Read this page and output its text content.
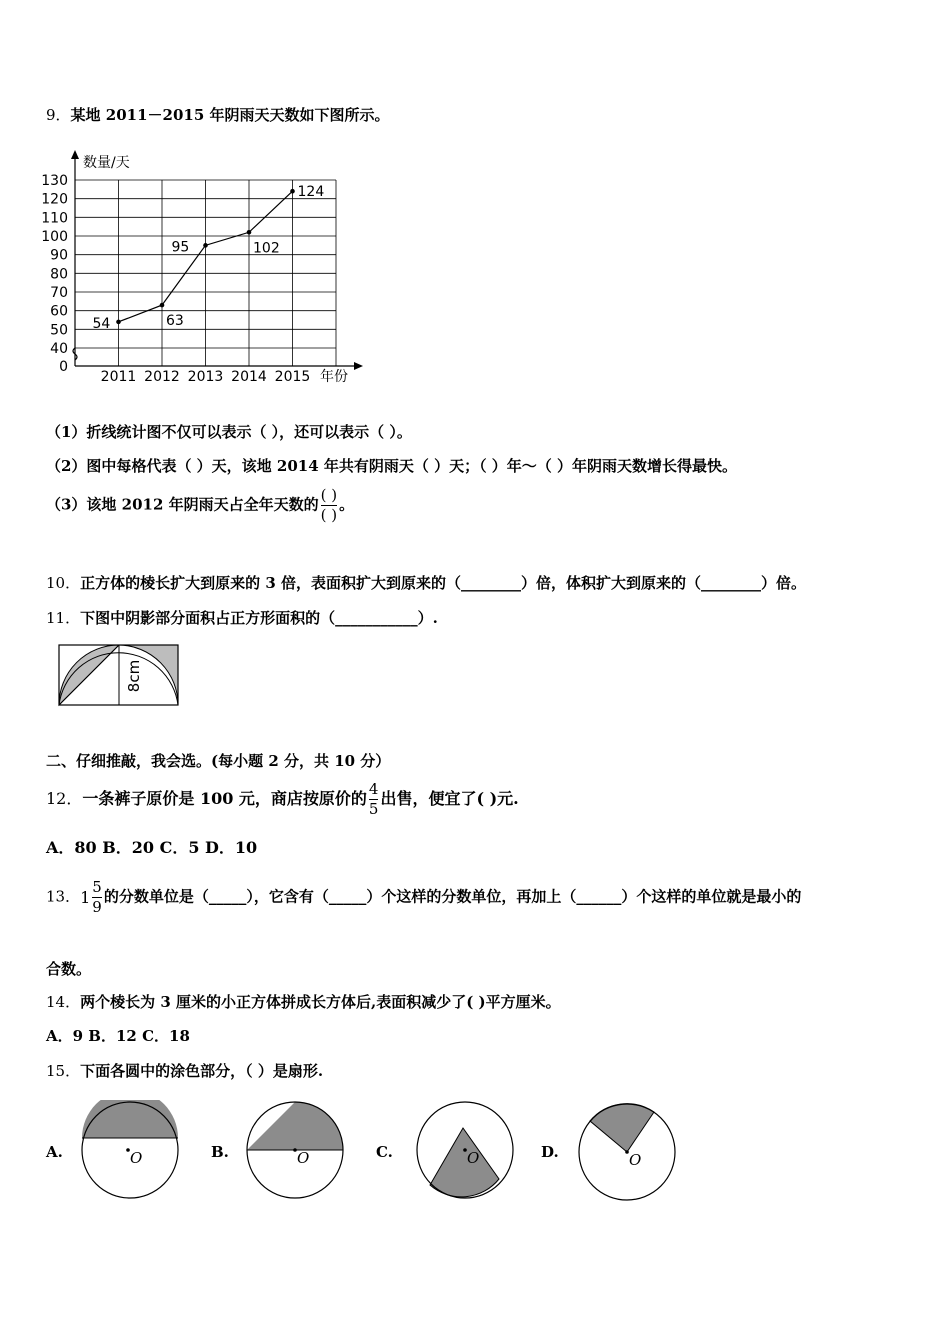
9．某地 2011－2015 年阴雨天天数如下图所示。
0
40
50
60
70
80
90
100
110
120
130
2011 2012 2013 2014 2015
数量/天
年份
54	63
95	102
124
（1）折线统计图不仅可以表示（ ），还可以表示（ ）。
（2）图中每格代表（ ）天，该地 2014 年共有阴雨天（ ）天；（ ）年～（ ）年阴雨天数增长得最快。
（3）该地 2012 年阴雨天占全年天数的 $\frac{( )}{( )}$ 。
10．正方体的棱长扩大到原来的 3 倍，表面积扩大到原来的（________）倍，体积扩大到原来的（________）倍。
11．下图中阴影部分面积占正方形面积的（___________）.
8cm
二、仔细推敲，我会选。(每小题 2 分，共 10 分）
12．一条裤子原价是 100 元，商店按原价的 $\frac{4}{5}$ 出售，便宜了( )元.
A．80 B．20 C．5 D．10
13．$1 \frac{5}{9}$ 的分数单位是（_____），它含有（_____）个这样的分数单位，再加上（______）个这样的单位就是最小的
合数。
14．两个棱长为 3 厘米的小正方体拼成长方体后,表面积减少了( )平方厘米。
A．9 B．12 C．18
15．下面各圆中的涂色部分，（ ）是扇形.
A.	O	B.	O	C.	O	D.	O
